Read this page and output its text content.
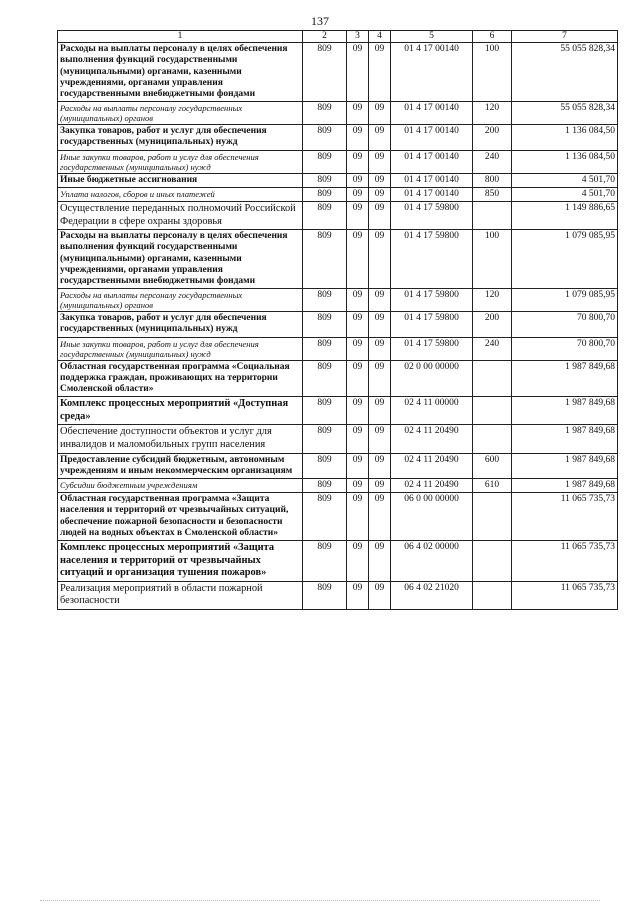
137
1	2	3	4	5	6	7
Расходы на выплаты персоналу в целях обеспечения выполнения функций государственными (муниципальными) органами, казенными учреждениями, органами управления государственными внебюджетными фондами	809	09	09	01 4 17 00140	100	55 055 828,34
Расходы на выплаты персоналу государственных (муниципальных) органов	809	09	09	01 4 17 00140	120	55 055 828,34
Закупка товаров, работ и услуг для обеспечения государственных (муниципальных) нужд	809	09	09	01 4 17 00140	200	1 136 084,50
Иные закупки товаров, работ и услуг для обеспечения государственных (муниципальных) нужд	809	09	09	01 4 17 00140	240	1 136 084,50
Иные бюджетные ассигнования	809	09	09	01 4 17 00140	800	4 501,70
Уплата налогов, сборов и иных платежей	809	09	09	01 4 17 00140	850	4 501,70
Осуществление переданных полномочий Российской Федерации в сфере охраны здоровья	809	09	09	01 4 17 59800		1 149 886,65
Расходы на выплаты персоналу в целях обеспечения выполнения функций государственными (муниципальными) органами, казенными учреждениями, органами управления государственными внебюджетными фондами	809	09	09	01 4 17 59800	100	1 079 085,95
Расходы на выплаты персоналу государственных (муниципальных) органов	809	09	09	01 4 17 59800	120	1 079 085,95
Закупка товаров, работ и услуг для обеспечения государственных (муниципальных) нужд	809	09	09	01 4 17 59800	200	70 800,70
Иные закупки товаров, работ и услуг для обеспечения государственных (муниципальных) нужд	809	09	09	01 4 17 59800	240	70 800,70
Областная государственная программа «Социальная поддержка граждан, проживающих на территории Смоленской области»	809	09	09	02 0 00 00000		1 987 849,68
Комплекс процессных мероприятий «Доступная среда»	809	09	09	02 4 11 00000		1 987 849,68
Обеспечение доступности объектов и услуг для инвалидов и маломобильных групп населения	809	09	09	02 4 11 20490		1 987 849,68
Предоставление субсидий бюджетным, автономным учреждениям и иным некоммерческим организациям	809	09	09	02 4 11 20490	600	1 987 849,68
Субсидии бюджетным учреждениям	809	09	09	02 4 11 20490	610	1 987 849,68
Областная государственная программа «Защита населения и территорий от чрезвычайных ситуаций, обеспечение пожарной безопасности и безопасности людей на водных объектах в Смоленской области»	809	09	09	06 0 00 00000		11 065 735,73
Комплекс процессных мероприятий «Защита населения и территорий от чрезвычайных ситуаций и организация тушения пожаров»	809	09	09	06 4 02 00000		11 065 735,73
Реализация мероприятий в области пожарной безопасности	809	09	09	06 4 02 21020		11 065 735,73
